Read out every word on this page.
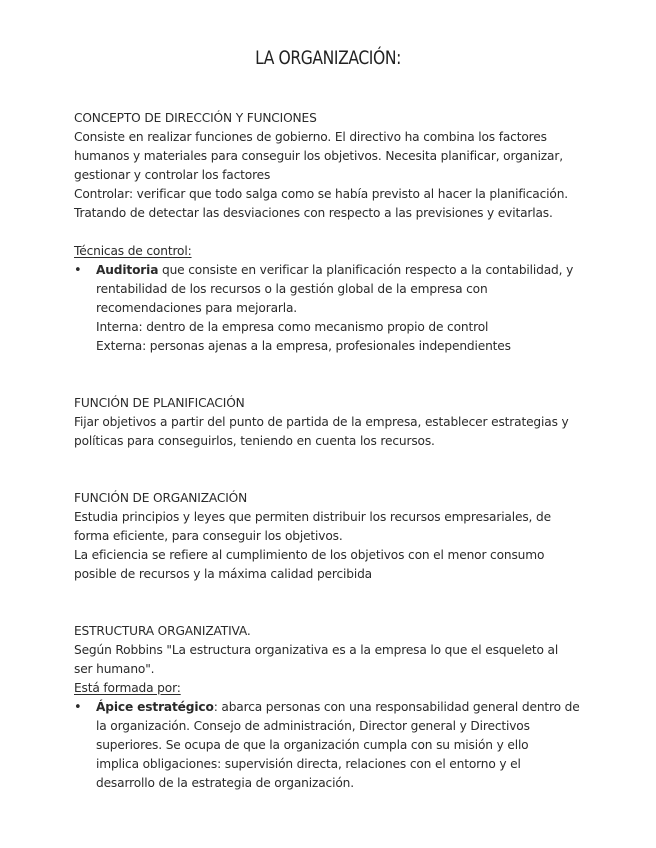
LA ORGANIZACIÓN:

CONCEPTO DE DIRECCIÓN Y FUNCIONES

Consiste en realizar funciones de gobierno. El directivo ha combina los factores

humanos y materiales para conseguir los objetivos. Necesita planificar, organizar,

gestionar y controlar los factores

Controlar: verificar que todo salga como se había previsto al hacer la planificación.

Tratando de detectar las desviaciones con respecto a las previsiones y evitarlas.

Técnicas de control:

• Auditoria que consiste en verificar la planificación respecto a la contabilidad, y
rentabilidad de los recursos o la gestión global de la empresa con
recomendaciones para mejorarla.
Interna: dentro de la empresa como mecanismo propio de control
Externa: personas ajenas a la empresa, profesionales independientes

FUNCIÓN DE PLANIFICACIÓN

Fijar objetivos a partir del punto de partida de la empresa, establecer estrategias y

políticas para conseguirlos, teniendo en cuenta los recursos.

FUNCIÓN DE ORGANIZACIÓN

Estudia principios y leyes que permiten distribuir los recursos empresariales, de

forma eficiente, para conseguir los objetivos.

La eficiencia se refiere al cumplimiento de los objetivos con el menor consumo

posible de recursos y la máxima calidad percibida

ESTRUCTURA ORGANIZATIVA.

Según Robbins "La estructura organizativa es a la empresa lo que el esqueleto al

ser humano".

Está formada por:

• Ápice estratégico: abarca personas con una responsabilidad general dentro de
la organización. Consejo de administración, Director general y Directivos
superiores. Se ocupa de que la organización cumpla con su misión y ello
implica obligaciones: supervisión directa, relaciones con el entorno y el
desarrollo de la estrategia de organización.
